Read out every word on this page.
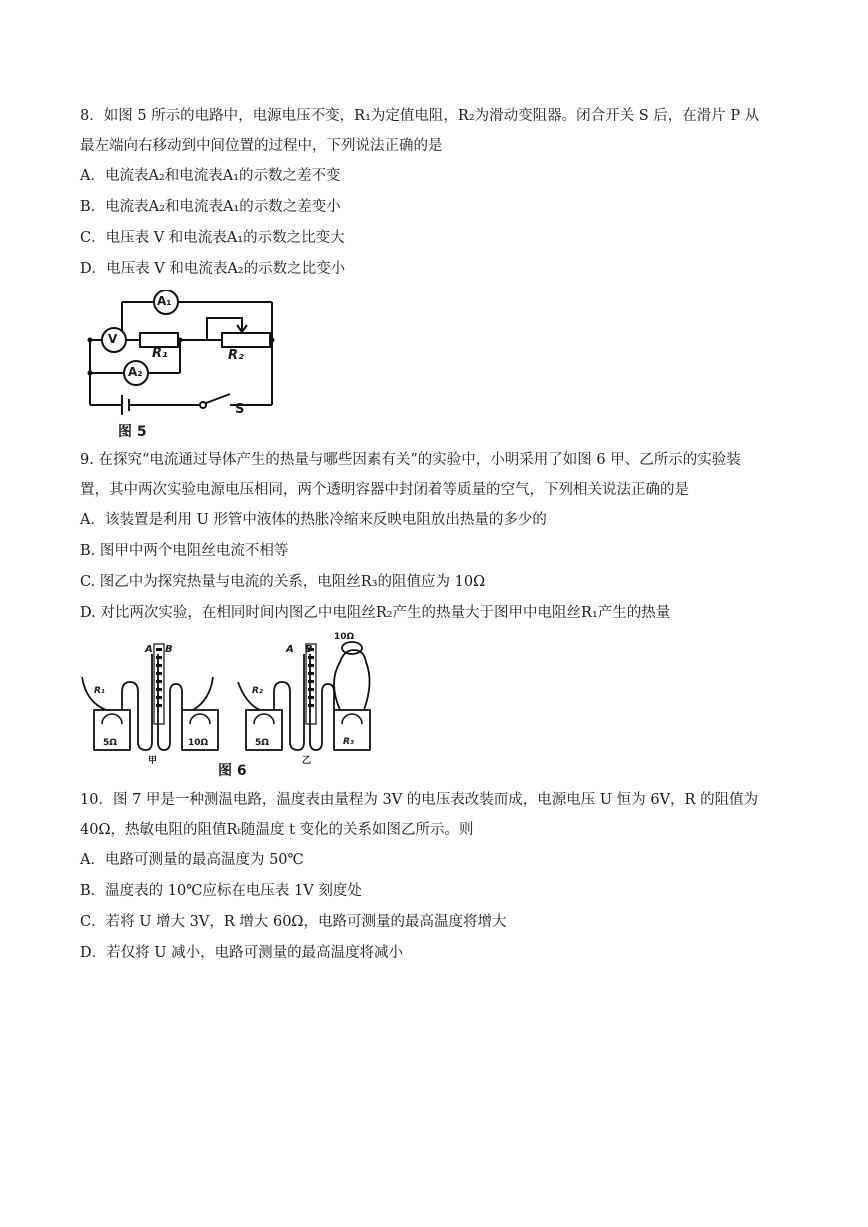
8．如图 5 所示的电路中，电源电压不变，R₁为定值电阻，R₂为滑动变阻器。闭合开关 S 后，在滑片 P 从
最左端向右移动到中间位置的过程中，下列说法正确的是
A．电流表A₂和电流表A₁的示数之差不变
B．电流表A₂和电流表A₁的示数之差变小
C．电压表 V 和电流表A₁的示数之比变大
D．电压表 V 和电流表A₂的示数之比变小
A₁
V
A₂
R₁	R₂
S
图 5
9. 在探究“电流通过导体产生的热量与哪些因素有关”的实验中，小明采用了如图 6 甲、乙所示的实验装
置，其中两次实验电源电压相同，两个透明容器中封闭着等质量的空气，下列相关说法正确的是
A．该装置是利用 U 形管中液体的热胀冷缩来反映电阻放出热量的多少的
B. 图甲中两个电阻丝电流不相等
C. 图乙中为探究热量与电流的关系，电阻丝R₃的阻值应为 10Ω
D. 对比两次实验，在相同时间内图乙中电阻丝R₂产生的热量大于图甲中电阻丝R₁产生的热量
A B	A B
10Ω
R₁	R₂
R₃
5Ω	10Ω	5Ω
甲	乙
图 6
10．图 7 甲是一种测温电路，温度表由量程为 3V 的电压表改装而成，电源电压 U 恒为 6V，R 的阻值为
40Ω，热敏电阻的阻值Rₜ随温度 t 变化的关系如图乙所示。则
A．电路可测量的最高温度为 50℃
B．温度表的 10℃应标在电压表 1V 刻度处
C．若将 U 增大 3V，R 增大 60Ω，电路可测量的最高温度将增大
D．若仅将 U 减小，电路可测量的最高温度将减小
